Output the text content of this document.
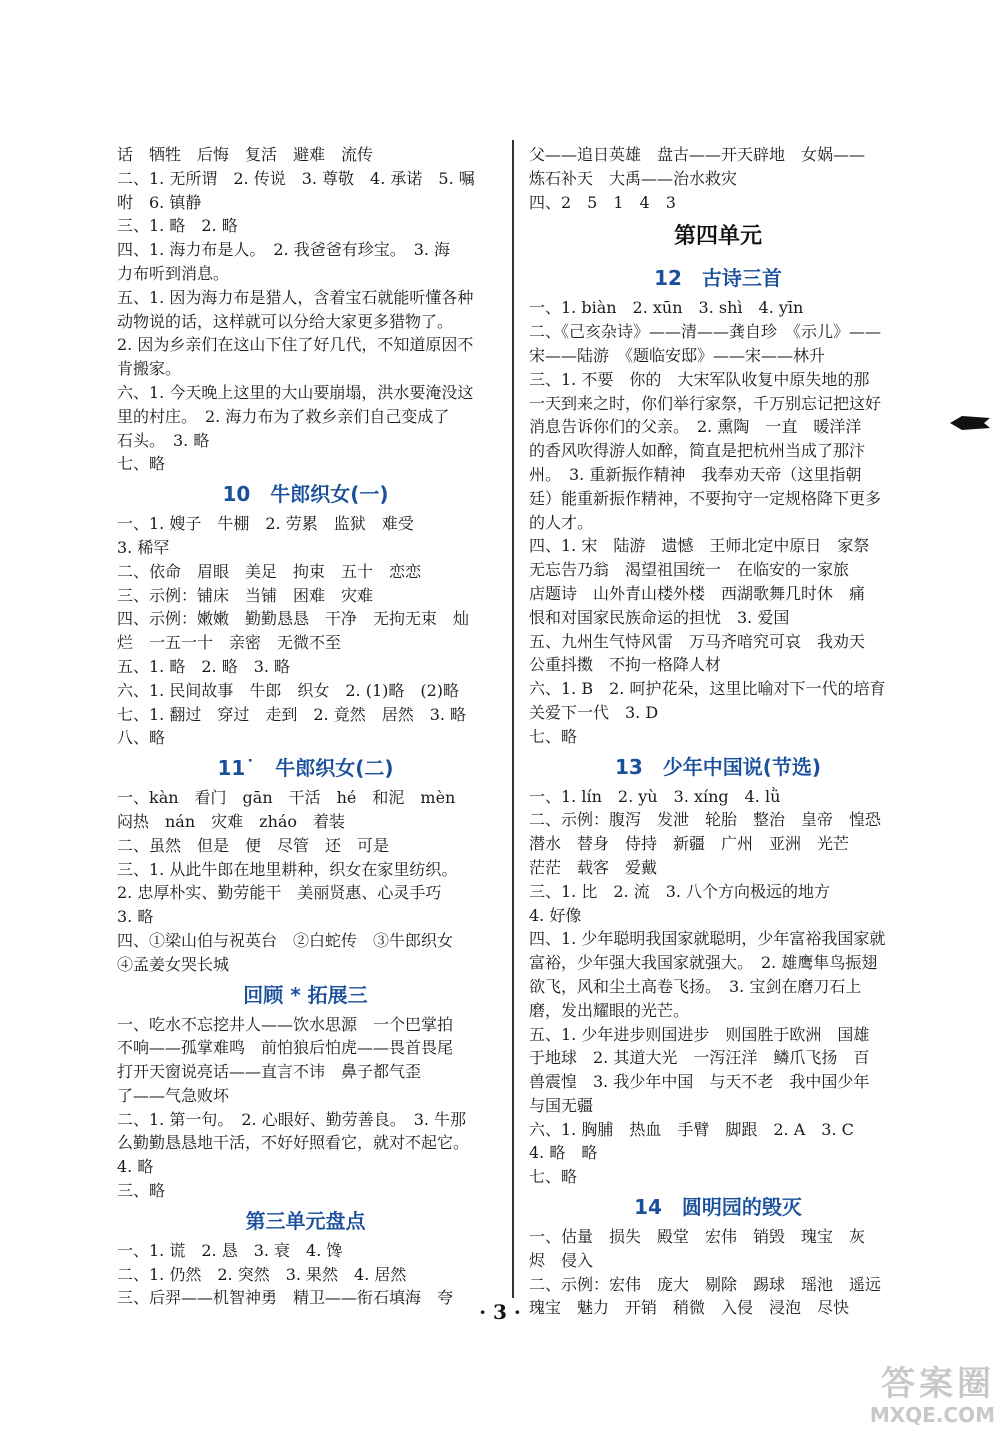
话　牺牲　后悔　复活　避难　流传
二、1. 无所谓　2. 传说　3. 尊敬　4. 承诺　5. 嘱
咐　6. 镇静
三、1. 略　2. 略
四、1. 海力布是人。　2. 我爸爸有珍宝。　3. 海
力布听到消息。
五、1. 因为海力布是猎人，含着宝石就能听懂各种
动物说的话，这样就可以分给大家更多猎物了。
2. 因为乡亲们在这山下住了好几代，不知道原因不
肯搬家。
六、1. 今天晚上这里的大山要崩塌，洪水要淹没这
里的村庄。　2. 海力布为了救乡亲们自己变成了
石头。　3. 略
七、略
10　牛郎织女(一)
一、1. 嫂子　牛棚　2. 劳累　监狱　难受
3. 稀罕
二、依命　眉眼　美足　拘束　五十　恋恋
三、示例：铺床　当铺　困难　灾难
四、示例：嫩嫩　勤勤恳恳　干净　无拘无束　灿
烂　一五一十　亲密　无微不至
五、1. 略　2. 略　3. 略
六、1. 民间故事　牛郎　织女　2. (1)略　(2)略
七、1. 翻过　穿过　走到　2. 竟然　居然　3. 略
八、略
11˙　牛郎织女(二)
一、kàn　看门　gān　干活　hé　和泥　mèn
闷热　nán　灾难　zháo　着装
二、虽然　但是　便　尽管　还　可是
三、1. 从此牛郎在地里耕种，织女在家里纺织。
2. 忠厚朴实、勤劳能干　美丽贤惠、心灵手巧
3. 略
四、①梁山伯与祝英台　②白蛇传　③牛郎织女
④孟姜女哭长城
回顾 * 拓展三
一、吃水不忘挖井人——饮水思源　一个巴掌拍
不响——孤掌难鸣　前怕狼后怕虎——畏首畏尾
打开天窗说亮话——直言不讳　鼻子都气歪
了——气急败坏
二、1. 第一句。　2. 心眼好、勤劳善良。　3. 牛那
么勤勤恳恳地干活，不好好照看它，就对不起它。
4. 略
三、略
第三单元盘点
一、1. 谎　2. 恳　3. 衰　4. 馋
二、1. 仍然　2. 突然　3. 果然　4. 居然
三、后羿——机智神勇　精卫——衔石填海　夸
父——追日英雄　盘古——开天辟地　女娲——
炼石补天　大禹——治水救灾
四、2　5　1　4　3
第四单元
12　古诗三首
一、1. biàn　2. xūn　3. shì　4. yīn
二、《己亥杂诗》——清——龚自珍　《示儿》——
宋——陆游　《题临安邸》——宋——林升
三、1. 不要　你的　大宋军队收复中原失地的那
一天到来之时，你们举行家祭，千万别忘记把这好
消息告诉你们的父亲。　2. 熏陶　一直　暖洋洋
的香风吹得游人如醉，简直是把杭州当成了那汴
州。　3. 重新振作精神　我奉劝天帝（这里指朝
廷）能重新振作精神，不要拘守一定规格降下更多
的人才。
四、1. 宋　陆游　遗憾　王师北定中原日　家祭
无忘告乃翁　渴望祖国统一　在临安的一家旅
店题诗　山外青山楼外楼　西湖歌舞几时休　痛
恨和对国家民族命运的担忧　3. 爱国
五、九州生气恃风雷　万马齐喑究可哀　我劝天
公重抖擞　不拘一格降人材
六、1. B　2. 呵护花朵，这里比喻对下一代的培育
关爱下一代　3. D
七、略
13　少年中国说(节选)
一、1. lín　2. yù　3. xíng　4. lǜ
二、示例：腹泻　发泄　轮胎　整治　皇帝　惶恐
潜水　替身　侍持　新疆　广州　亚洲　光芒
茫茫　载客　爱戴
三、1. 比　2. 流　3. 八个方向极远的地方
4. 好像
四、1. 少年聪明我国家就聪明，少年富裕我国家就
富裕，少年强大我国家就强大。　2. 雄鹰隼鸟振翅
欲飞，风和尘土高卷飞扬。　3. 宝剑在磨刀石上
磨，发出耀眼的光芒。
五、1. 少年进步则国进步　则国胜于欧洲　国雄
于地球　2. 其道大光　一泻汪洋　鳞爪飞扬　百
兽震惶　3. 我少年中国　与天不老　我中国少年
与国无疆
六、1. 胸脯　热血　手臂　脚跟　2. A　3. C
4. 略　略
七、略
14　圆明园的毁灭
一、估量　损失　殿堂　宏伟　销毁　瑰宝　灰
烬　侵入
二、示例：宏伟　庞大　剔除　踢球　瑶池　遥远
瑰宝　魅力　开销　稍微　入侵　浸泡　尽快
· 3 ·
答案圈
MXQE.COM
